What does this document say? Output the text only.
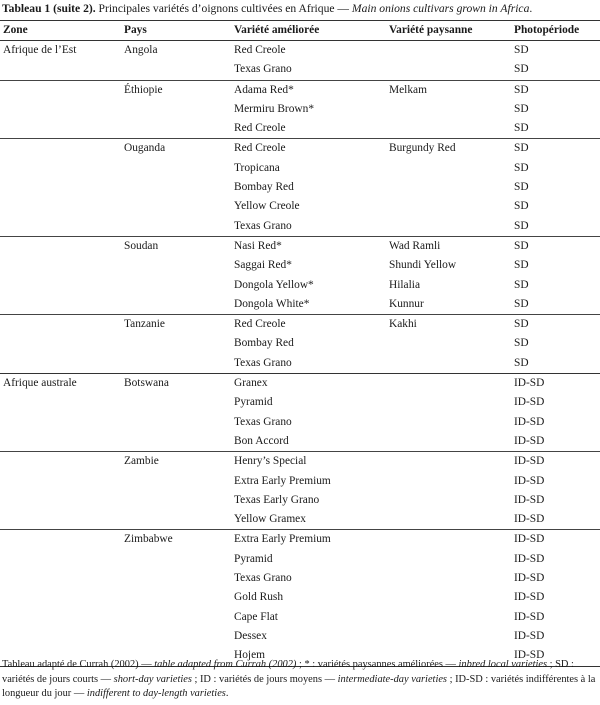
Tableau 1 (suite 2). Principales variétés d’oignons cultivées en Afrique — Main onions cultivars grown in Africa.
Zone	Pays	Variété améliorée	Variété paysanne	Photopériode
Afrique de l’Est	Angola	Red Creole		SD
		Texas Grano		SD
	Éthiopie	Adama Red*	Melkam	SD
		Mermiru Brown*		SD
		Red Creole		SD
	Ouganda	Red Creole	Burgundy Red	SD
		Tropicana		SD
		Bombay Red		SD
		Yellow Creole		SD
		Texas Grano		SD
	Soudan	Nasi Red*	Wad Ramli	SD
		Saggai Red*	Shundi Yellow	SD
		Dongola Yellow*	Hilalia	SD
		Dongola White*	Kunnur	SD
	Tanzanie	Red Creole	Kakhi	SD
		Bombay Red		SD
		Texas Grano		SD
Afrique australe	Botswana	Granex		ID-SD
		Pyramid		ID-SD
		Texas Grano		ID-SD
		Bon Accord		ID-SD
	Zambie	Henry’s Special		ID-SD
		Extra Early Premium		ID-SD
		Texas Early Grano		ID-SD
		Yellow Gramex		ID-SD
	Zimbabwe	Extra Early Premium		ID-SD
		Pyramid		ID-SD
		Texas Grano		ID-SD
		Gold Rush		ID-SD
		Cape Flat		ID-SD
		Dessex		ID-SD
		Hojem		ID-SD
Tableau adapté de Currah (2002) — table adapted from Currah (2002) ; * : variétés paysannes améliorées — inbred local varieties ; SD : variétés de jours courts — short-day varieties ; ID : variétés de jours moyens — intermediate-day varieties ; ID-SD : variétés indifférentes à la longueur du jour — indifferent to day-length varieties.
